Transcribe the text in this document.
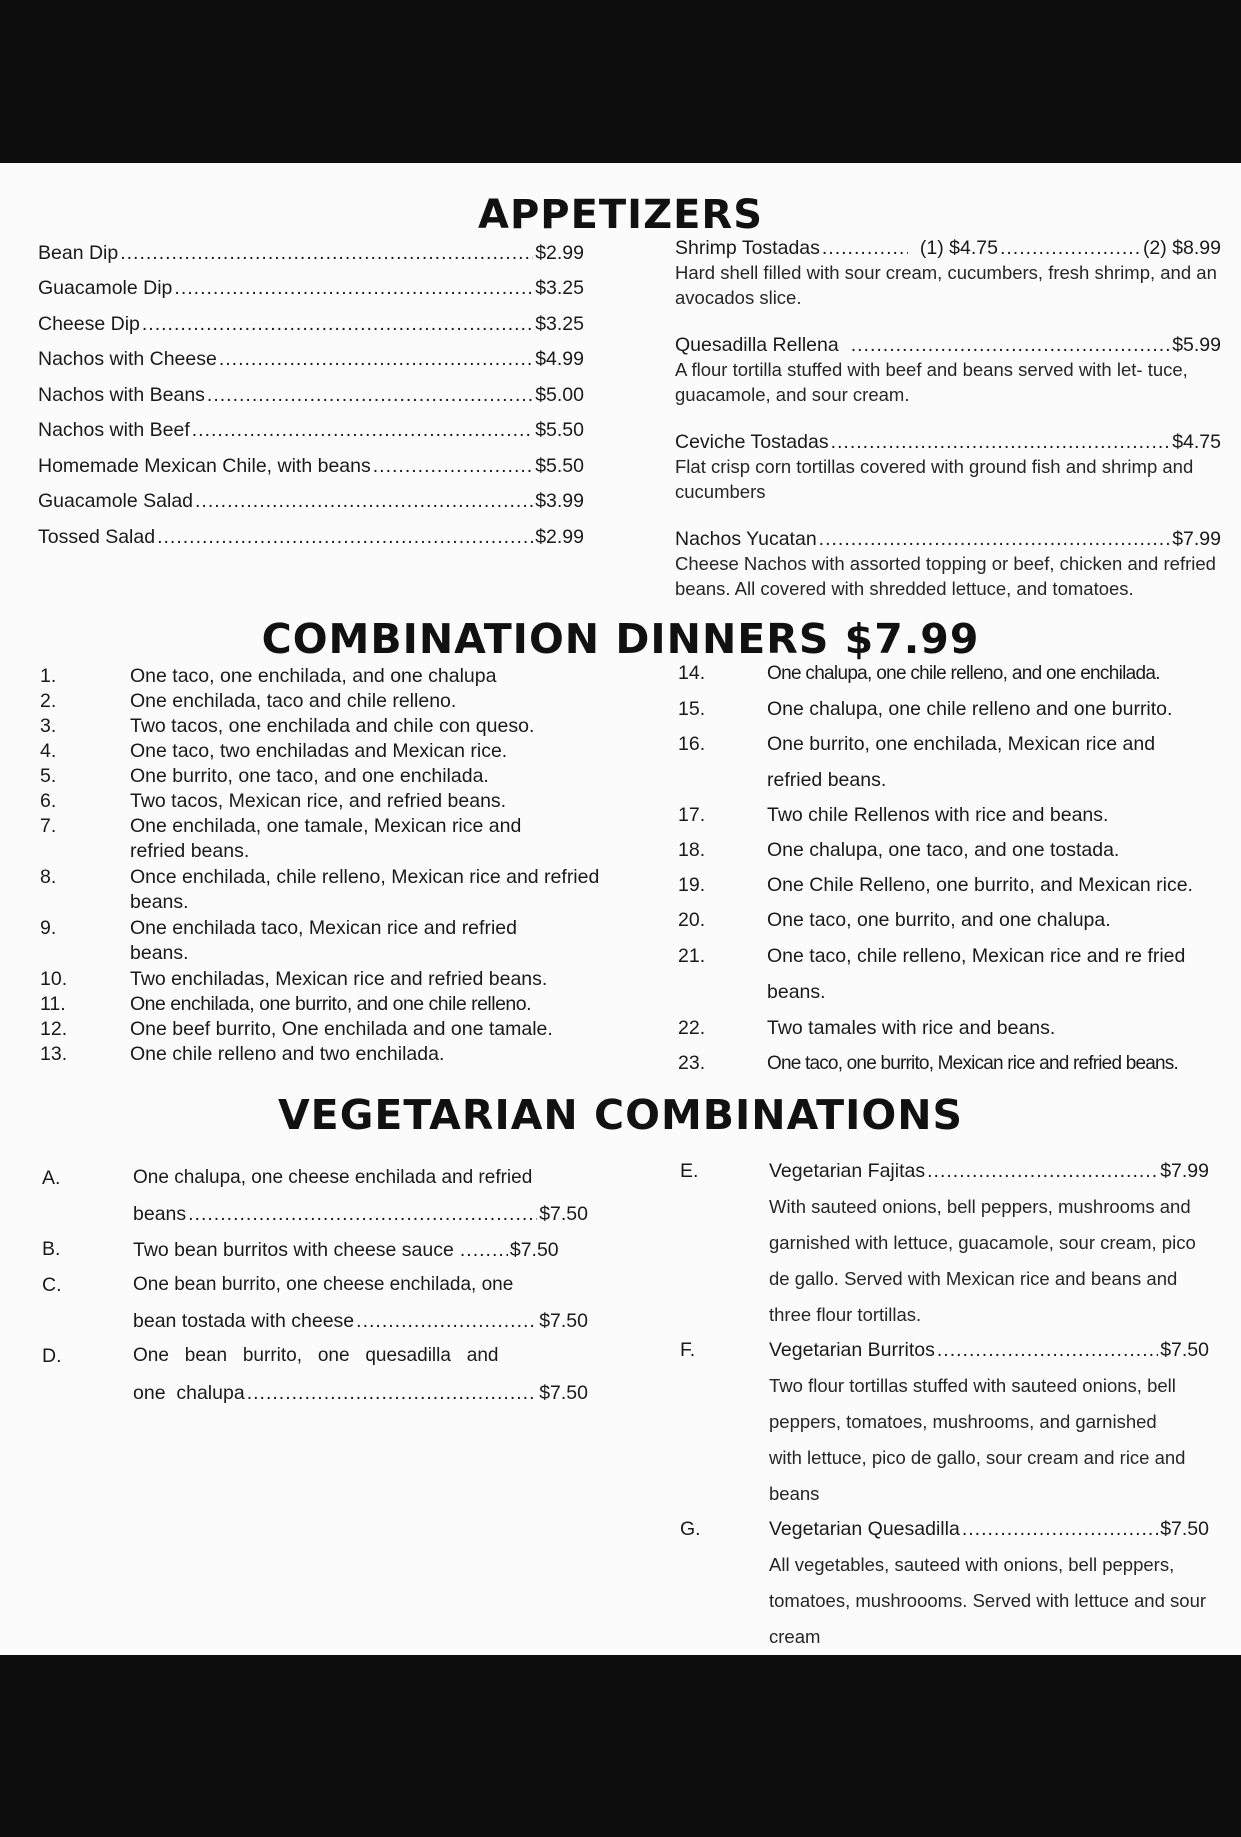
APPETIZERS
Bean Dip .....	$2.99
Guacamole Dip .....	$3.25
Cheese Dip .....	$3.25
Nachos with Cheese .....	$4.99
Nachos with Beans .....	$5.00
Nachos with Beef .....	$5.50
Homemade Mexican Chile, with beans .....	$5.50
Guacamole Salad .....	$3.99
Tossed Salad .....	$2.99
Shrimp Tostadas .....	(1) $4.75 .....	(2) $8.99
Hard shell filled with sour cream, cucumbers, fresh shrimp, and an avocados slice.
Quesadilla Rellena .....	$5.99
A flour tortilla stuffed with beef and beans served with let- tuce, guacamole, and sour cream.
Ceviche Tostadas .....	$4.75
Flat crisp corn tortillas covered with ground fish and shrimp and cucumbers
Nachos Yucatan .....	$7.99
Cheese Nachos with assorted topping or beef, chicken and refried beans. All covered with shredded lettuce, and tomatoes.
COMBINATION DINNERS $7.99
1.	One taco, one enchilada, and one chalupa
2.	One enchilada, taco and chile relleno.
3.	Two tacos, one enchilada and chile con queso.
4.	One taco, two enchiladas and Mexican rice.
5.	One burrito, one taco, and one enchilada.
6.	Two tacos, Mexican rice, and refried beans.
7.	One enchilada, one tamale, Mexican rice and refried beans.
8.	Once enchilada, chile relleno, Mexican rice and refried beans.
9.	One enchilada taco, Mexican rice and refried beans.
10.	Two enchiladas, Mexican rice and refried beans.
11.	One enchilada, one burrito, and one chile relleno.
12.	One beef burrito, One enchilada and one tamale.
13.	One chile relleno and two enchilada.
14.	One chalupa, one chile relleno, and one enchilada.
15.	One chalupa, one chile relleno and one burrito.
16.	One burrito, one enchilada, Mexican rice and refried beans.
17.	Two chile Rellenos with rice and beans.
18.	One chalupa, one taco, and one tostada.
19.	One Chile Relleno, one burrito, and Mexican rice.
20.	One taco, one burrito, and one chalupa.
21.	One taco, chile relleno, Mexican rice and re fried beans.
22.	Two tamales with rice and beans.
23.	One taco, one burrito, Mexican rice and refried beans.
VEGETARIAN COMBINATIONS
A.	One chalupa, one cheese enchilada and refried
beans .....	$7.50
B.	Two bean burritos with cheese sauce .....	$7.50
C.	One bean burrito, one cheese enchilada, one
bean tostada with cheese .....	$7.50
D.	One   bean   burrito,   one   quesadilla   and
one  chalupa .....	$7.50
E.	Vegetarian Fajitas .....	$7.99
With sauteed onions, bell peppers, mushrooms and garnished with lettuce, guacamole, sour cream, pico de gallo. Served with Mexican rice and beans and three flour tortillas.
F.	Vegetarian Burritos .....	$7.50
Two flour tortillas stuffed with sauteed onions, bell peppers, tomatoes, mushrooms, and garnished with lettuce, pico de gallo, sour cream and rice and beans
G.	Vegetarian Quesadilla .....	$7.50
All vegetables, sauteed with onions, bell peppers, tomatoes, mushroooms. Served with lettuce and sour cream
